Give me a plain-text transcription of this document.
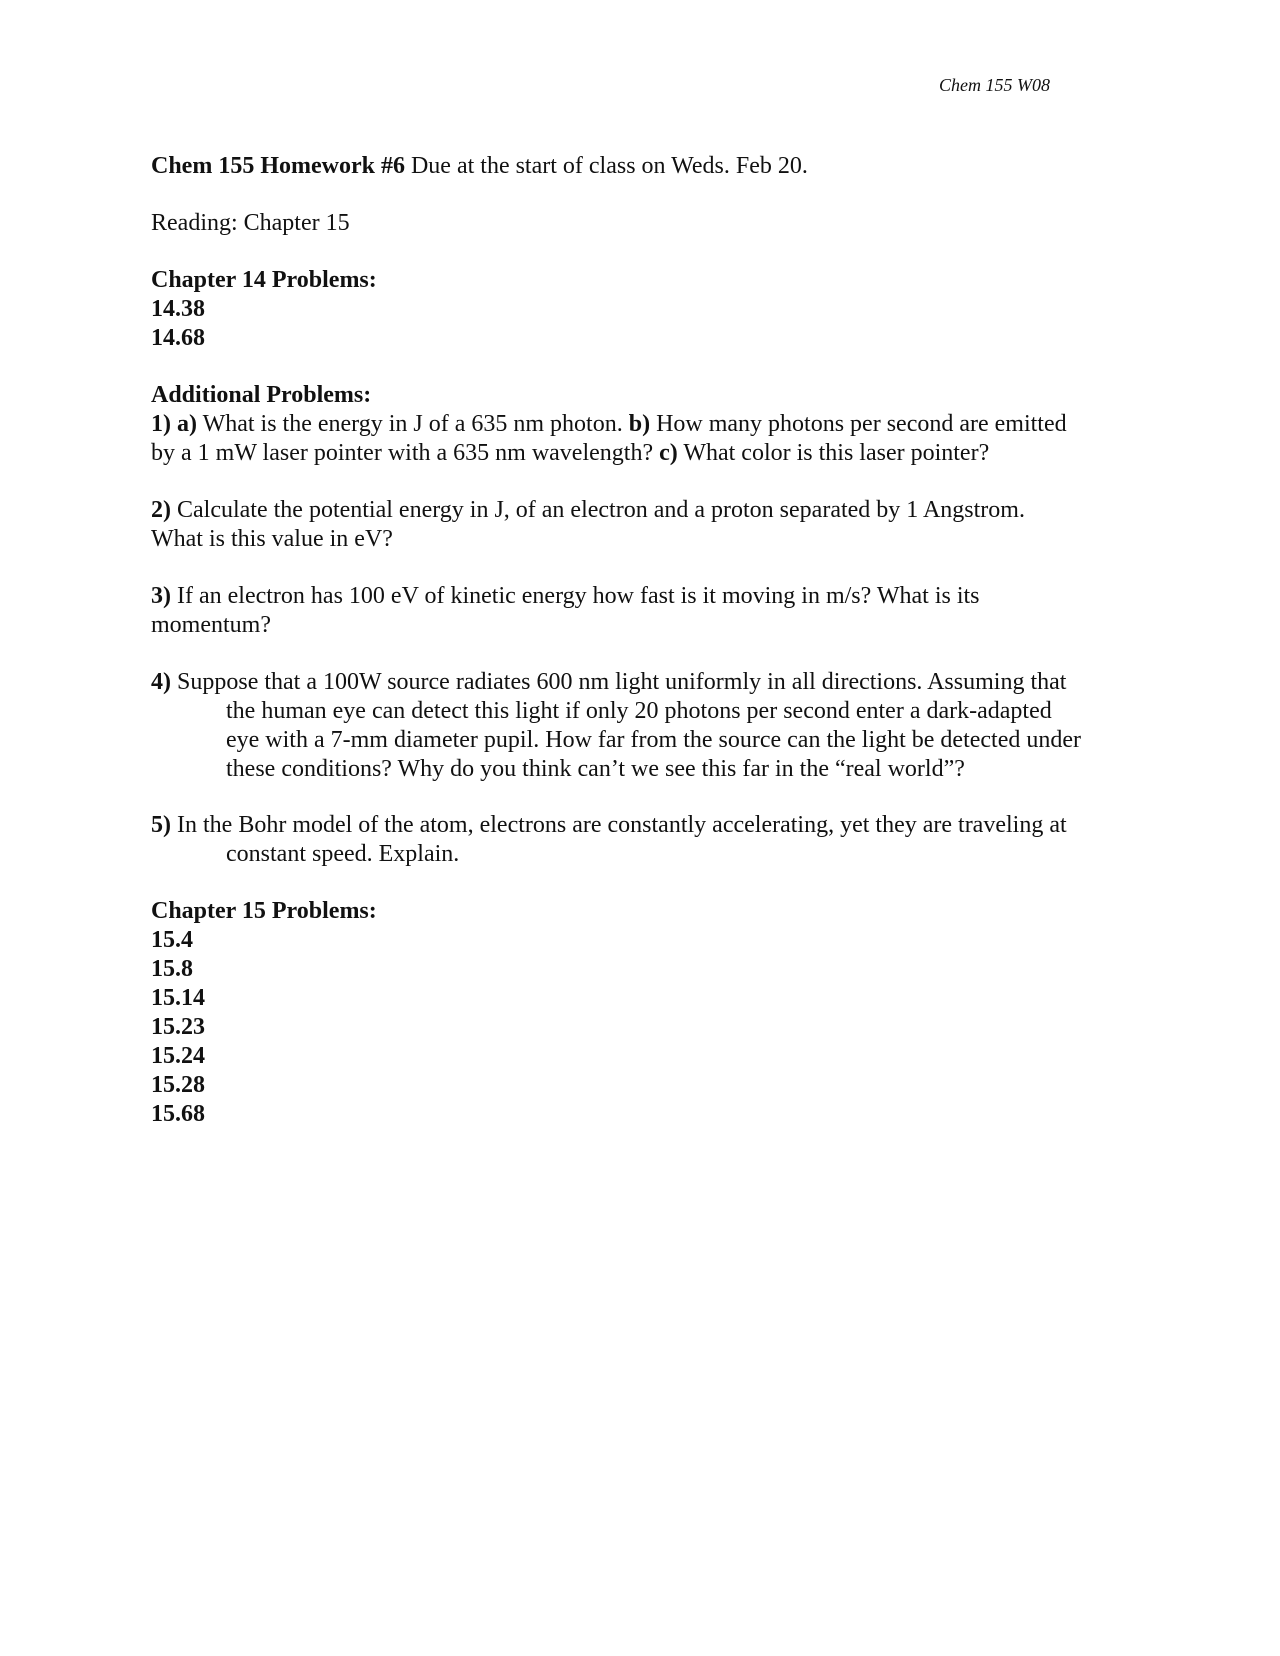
Chem 155 W08
Chem 155 Homework #6 Due at the start of class on Weds. Feb 20.
Reading: Chapter 15
Chapter 14 Problems:
14.38
14.68
Additional Problems:
1) a) What is the energy in J of a 635 nm photon. b) How many photons per second are emitted
by a 1 mW laser pointer with a 635 nm wavelength? c) What color is this laser pointer?
2) Calculate the potential energy in J, of an electron and a proton separated by 1 Angstrom.
What is this value in eV?
3) If an electron has 100 eV of kinetic energy how fast is it moving in m/s? What is its
momentum?
4) Suppose that a 100W source radiates 600 nm light uniformly in all directions. Assuming that
the human eye can detect this light if only 20 photons per second enter a dark-adapted
eye with a 7-mm diameter pupil. How far from the source can the light be detected under
these conditions? Why do you think can’t we see this far in the “real world”?
5) In the Bohr model of the atom, electrons are constantly accelerating, yet they are traveling at
constant speed. Explain.
Chapter 15 Problems:
15.4
15.8
15.14
15.23
15.24
15.28
15.68
